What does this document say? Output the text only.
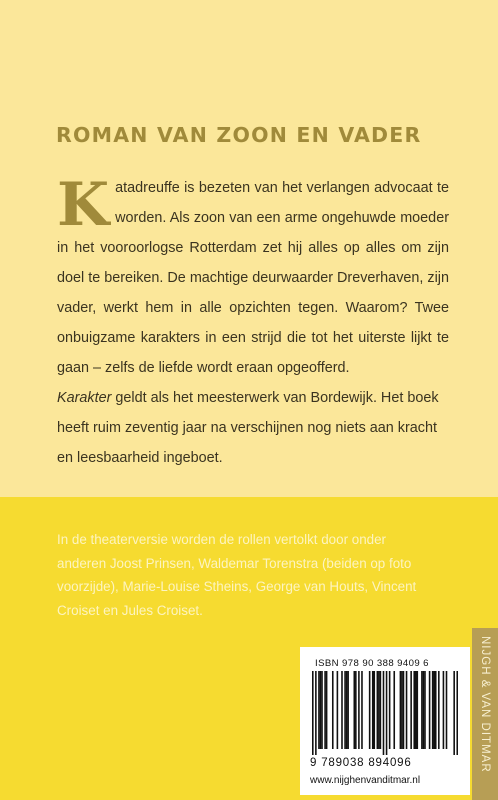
ROMAN VAN ZOON EN VADER

Katadreuffe is bezeten van het verlangen advocaat te worden. Als zoon van een arme ongehuwde moeder in het vooroorlogse Rotterdam zet hij alles op alles om zijn doel te bereiken. De machtige deurwaarder Dreverhaven, zijn vader, werkt hem in alle opzichten tegen. Waarom? Twee onbuigzame karakters in een strijd die tot het uiterste lijkt te gaan – zelfs de liefde wordt eraan opgeofferd.

Karakter geldt als het meesterwerk van Bordewijk. Het boek heeft ruim zeventig jaar na verschijnen nog niets aan kracht en leesbaarheid ingeboet.

In de theaterversie worden de rollen vertolkt door onder anderen Joost Prinsen, Waldemar Torenstra (beiden op foto voorzijde), Marie-Louise Stheins, George van Houts, Vincent Croiset en Jules Croiset.
ISBN 978 90 388 9409 6
9 789038 894096
www.nijghenvanditmar.nl
NIJGH & VAN DITMAR
